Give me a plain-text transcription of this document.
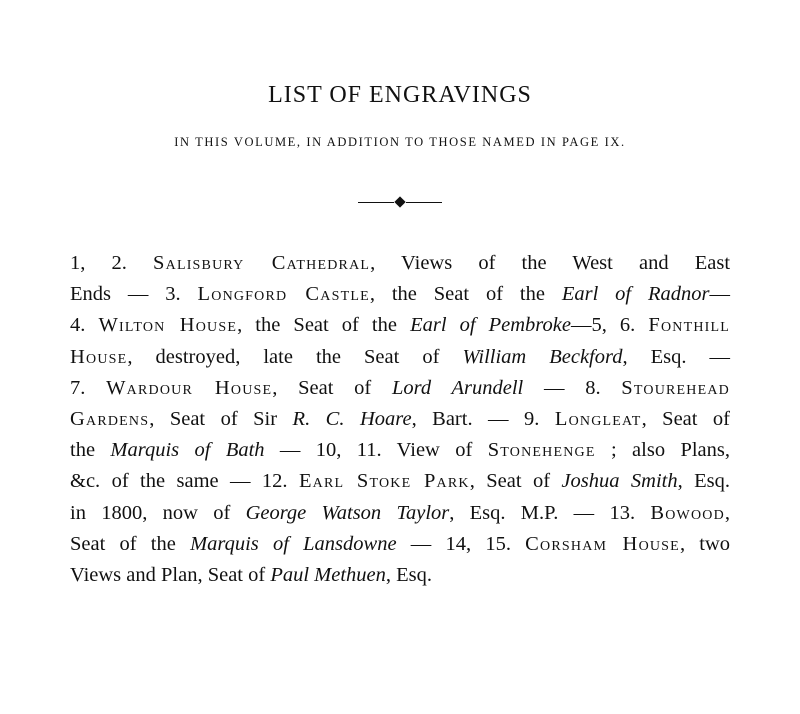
LIST OF ENGRAVINGS

IN THIS VOLUME, IN ADDITION TO THOSE NAMED IN PAGE IX.

1, 2. Salisbury Cathedral, Views of the West and East
Ends — 3. Longford Castle, the Seat of the Earl of Radnor—
4. Wilton House, the Seat of the Earl of Pembroke—5, 6. Fonthill
House, destroyed, late the Seat of William Beckford, Esq. —
7. Wardour House, Seat of Lord Arundell — 8. Stourehead
Gardens, Seat of Sir R. C. Hoare, Bart. — 9. Longleat, Seat of
the Marquis of Bath — 10, 11. View of Stonehenge ; also Plans,
&c. of the same — 12. Earl Stoke Park, Seat of Joshua Smith, Esq.
in 1800, now of George Watson Taylor, Esq. M.P. — 13. Bowood,
Seat of the Marquis of Lansdowne — 14, 15. Corsham House, two
Views and Plan, Seat of Paul Methuen, Esq.
